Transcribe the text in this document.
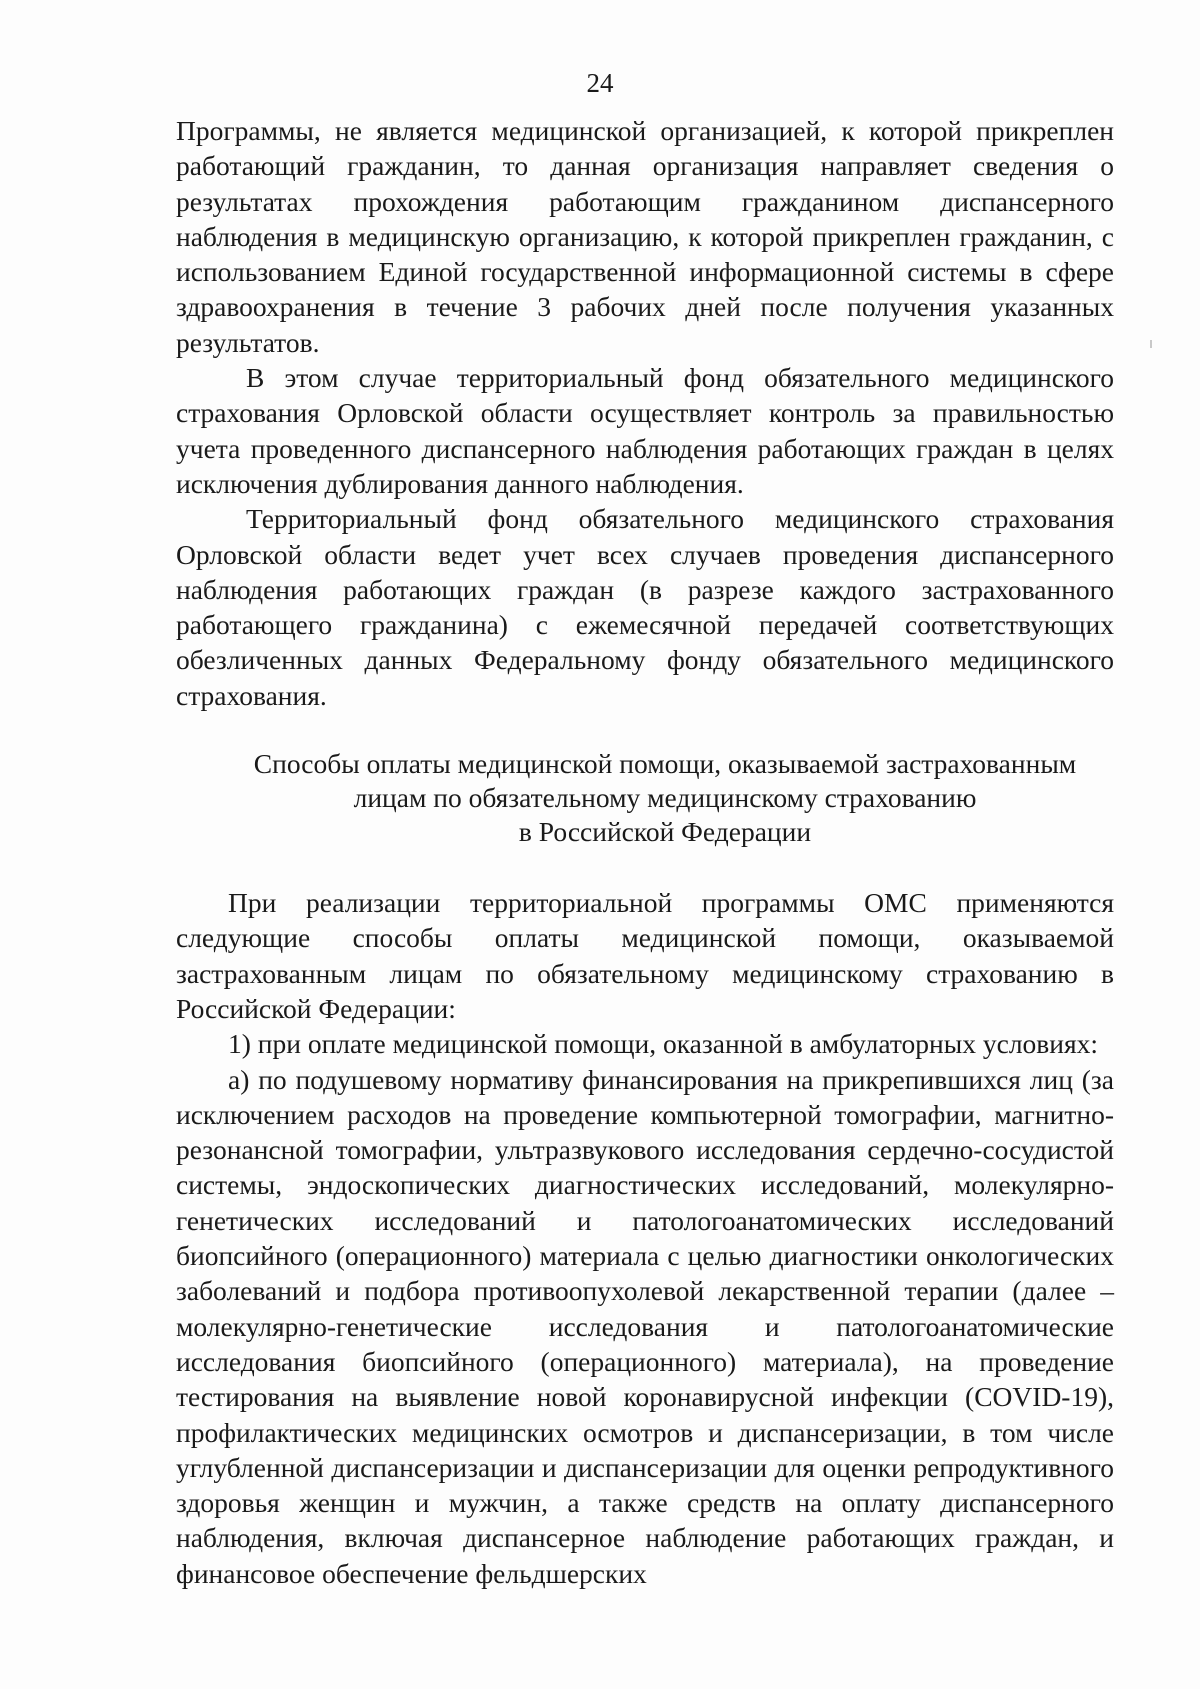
24

Программы, не является медицинской организацией, к которой прикреплен работающий гражданин, то данная организация направляет сведения о результатах прохождения работающим гражданином диспансерного наблюдения в медицинскую организацию, к которой прикреплен гражданин, с использованием Единой государственной информационной системы в сфере здравоохранения в течение 3 рабочих дней после получения указанных результатов.

В этом случае территориальный фонд обязательного медицинского страхования Орловской области осуществляет контроль за правильностью учета проведенного диспансерного наблюдения работающих граждан в целях исключения дублирования данного наблюдения.

Территориальный фонд обязательного медицинского страхования Орловской области ведет учет всех случаев проведения диспансерного наблюдения работающих граждан (в разрезе каждого застрахованного работающего гражданина) с ежемесячной передачей соответствующих обезличенных данных Федеральному фонду обязательного медицинского страхования.

Способы оплаты медицинской помощи, оказываемой застрахованным
лицам по обязательному медицинскому страхованию
в Российской Федерации

При реализации территориальной программы ОМС применяются следующие способы оплаты медицинской помощи, оказываемой застрахованным лицам по обязательному медицинскому страхованию в Российской Федерации:

1) при оплате медицинской помощи, оказанной в амбулаторных условиях:

а) по подушевому нормативу финансирования на прикрепившихся лиц (за исключением расходов на проведение компьютерной томографии, магнитно-резонансной томографии, ультразвукового исследования сердечно-сосудистой системы, эндоскопических диагностических исследований, молекулярно-генетических исследований и патологоанатомических исследований биопсийного (операционного) материала с целью диагностики онкологических заболеваний и подбора противоопухолевой лекарственной терапии (далее – молекулярно-генетические исследования и патологоанатомические исследования биопсийного (операционного) материала), на проведение тестирования на выявление новой коронавирусной инфекции (COVID-19), профилактических медицинских осмотров и диспансеризации, в том числе углубленной диспансеризации и диспансеризации для оценки репродуктивного здоровья женщин и мужчин, а также средств на оплату диспансерного наблюдения, включая диспансерное наблюдение работающих граждан, и финансовое обеспечение фельдшерских
